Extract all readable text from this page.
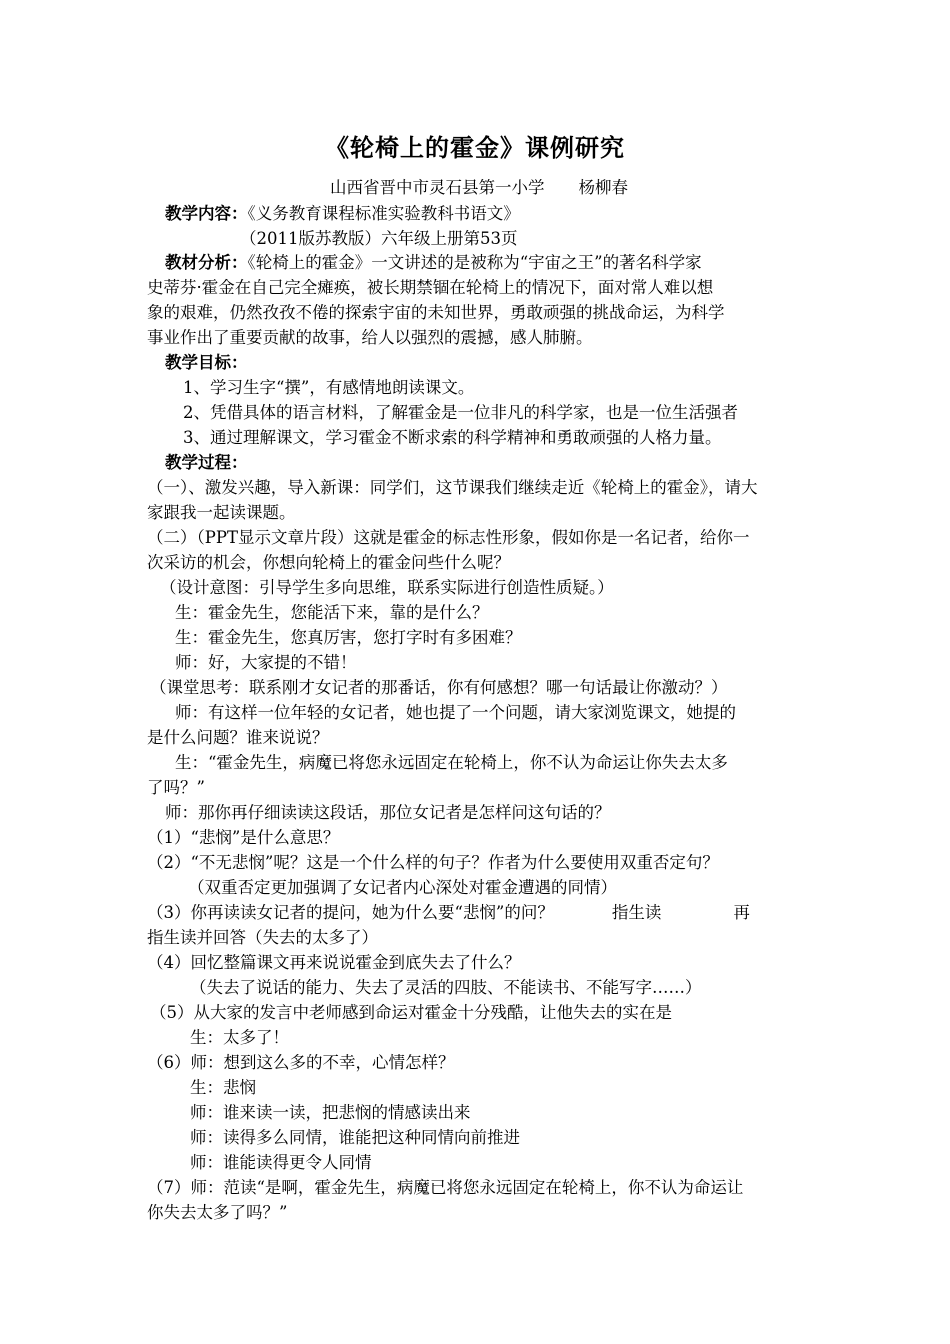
《轮椅上的霍金》课例研究
山西省晋中市灵石县第一小学 杨柳春
教学内容：《义务教育课程标准实验教科书语文》
（2011版苏教版）六年级上册第53页
教材分析：《轮椅上的霍金》一文讲述的是被称为“宇宙之王”的著名科学家
史蒂芬·霍金在自己完全瘫痪，被长期禁锢在轮椅上的情况下，面对常人难以想
象的艰难，仍然孜孜不倦的探索宇宙的未知世界，勇敢顽强的挑战命运，为科学
事业作出了重要贡献的故事，给人以强烈的震撼，感人肺腑。
教学目标：
1、学习生字“撰”，有感情地朗读课文。
2、凭借具体的语言材料，了解霍金是一位非凡的科学家，也是一位生活强者
3、通过理解课文，学习霍金不断求索的科学精神和勇敢顽强的人格力量。
教学过程：
（一）、激发兴趣，导入新课：同学们，这节课我们继续走近《轮椅上的霍金》，请大
家跟我一起读课题。
（二）（PPT显示文章片段）这就是霍金的标志性形象，假如你是一名记者，给你一
次采访的机会，你想向轮椅上的霍金问些什么呢？
（设计意图：引导学生多向思维，联系实际进行创造性质疑。）
生：霍金先生，您能活下来，靠的是什么？
生：霍金先生，您真厉害，您打字时有多困难？
师：好，大家提的不错！
（课堂思考：联系刚才女记者的那番话，你有何感想？哪一句话最让你激动？）
师：有这样一位年轻的女记者，她也提了一个问题，请大家浏览课文，她提的
是什么问题？谁来说说？
生：“霍金先生，病魔已将您永远固定在轮椅上，你不认为命运让你失去太多
了吗？”
师：那你再仔细读读这段话，那位女记者是怎样问这句话的？
（1）“悲悯”是什么意思？
（2）“不无悲悯”呢？这是一个什么样的句子？作者为什么要使用双重否定句？
（双重否定更加强调了女记者内心深处对霍金遭遇的同情）
（3）你再读读女记者的提问，她为什么要“悲悯”的问？	指生读	再
指生读并回答（失去的太多了）
（4）回忆整篇课文再来说说霍金到底失去了什么？
（失去了说话的能力、失去了灵活的四肢、不能读书、不能写字……）
（5）从大家的发言中老师感到命运对霍金十分残酷，让他失去的实在是
生：太多了！
（6）师：想到这么多的不幸，心情怎样？
生：悲悯
师：谁来读一读，把悲悯的情感读出来
师：读得多么同情，谁能把这种同情向前推进
师：谁能读得更令人同情
（7）师：范读“是啊，霍金先生，病魔已将您永远固定在轮椅上，你不认为命运让
你失去太多了吗？”
